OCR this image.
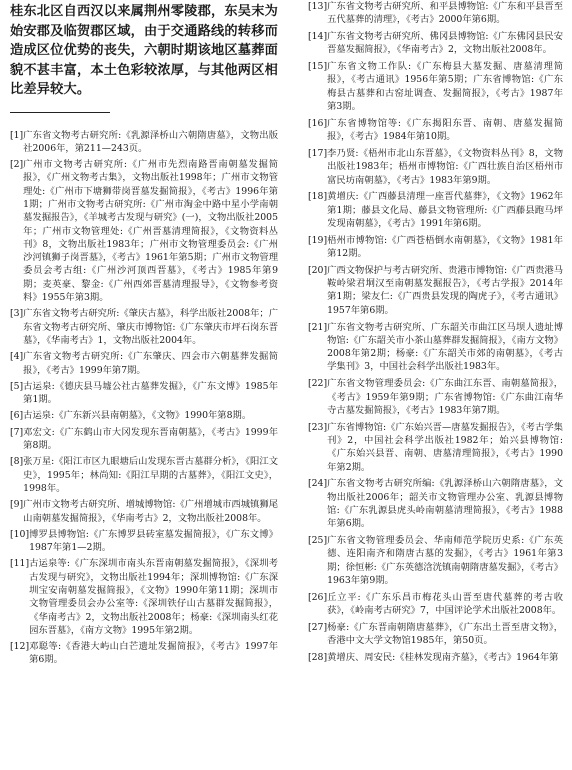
桂东北区自西汉以来属荆州零陵郡，东吴末为始安郡及临贺郡区域，由于交通路线的转移而造成区位优势的丧失，六朝时期该地区墓葬面貌不甚丰富，本土色彩较浓厚，与其他两区相比差异较大。

[1] 广东省文物考古研究所:《乳源泽桥山六朝隋唐墓》，文物出版社2006年，第211—243页。
[2] 广州市文物考古研究所:《广州市先烈南路晋南朝墓发掘简报》，《广州文物考古集》，文物出版社1998年；广州市文物管理处:《广州市下塘狮带岗晋墓发掘简报》，《考古》1996年第1期；广州市文物考古研究所:《广州市淘金中路中星小学南朝墓发掘报告》，《羊城考古发现与研究》(一)，文物出版社2005年；广州市文物管理处:《广州晋墓清理简报》，《文物资料丛刊》8，文物出版社1983年；广州市文物管理委员会:《广州沙河镇狮子岗晋墓》，《考古》1961年第5期；广州市文物管理委员会考古组:《广州沙河顶西晋墓》，《考古》1985年第9期；麦英豪、黎金:《广州西郊晋墓清理报导》，《文物参考资料》1955年第3期。
[3] 广东省文物考古研究所:《肇庆古墓》，科学出版社2008年；广东省文物考古研究所、肇庆市博物馆:《广东肇庆市坪石岗东晋墓》，《华南考古》1，文物出版社2004年。
[4] 广东省文物考古研究所:《广东肇庆、四会市六朝墓葬发掘简报》，《考古》1999年第7期。
[5] 古运泉:《德庆县马墟公社古墓葬发掘》，《广东文博》1985年第1期。
[6] 古运泉:《广东新兴县南朝墓》，《文物》1990年第8期。
[7] 邓宏文:《广东鹤山市大冈发现东晋南朝墓》，《考古》1999年第8期。
[8] 张万星:《阳江市区九眼塘后山发现东晋古墓群分析》，《阳江文史》，1995年；林尚知:《阳江早期的古墓葬》，《阳江文史》，1998年。
[9] 广州市文物考古研究所、增城博物馆:《广州增城市西城镇狮尾山南朝墓发掘简报》，《华南考古》2，文物出版社2008年。
[10] 博罗县博物馆:《广东博罗县砖室墓发掘简报》，《广东文博》1987年第1—2期。
[11] 古运泉等:《广东深圳市南头东晋南朝墓发掘简报》，《深圳考古发现与研究》，文物出版社1994年；深圳博物馆:《广东深圳宝安南朝墓发掘简报》，《文物》1990年第11期；深圳市文物管理委员会办公室等:《深圳铁仔山古墓群发掘简报》，《华南考古》2，文物出版社2008年；杨豪:《深圳南头红花园东晋墓》，《南方文物》1995年第2期。
[12] 邓聪等:《香港大屿山白芒遗址发掘简报》，《考古》1997年第6期。
[13] 广东省文物考古研究所、和平县博物馆:《广东和平县晋至五代墓葬的清理》，《考古》2000年第6期。
[14] 广东省文物考古研究所、佛冈县博物馆:《广东佛冈县民安晋墓发掘简报》，《华南考古》2，文物出版社2008年。
[15] 广东省文物工作队:《广东梅县大墓发掘、唐墓清理简报》，《考古通讯》1956年第5期；广东省博物馆:《广东梅县古墓葬和古窑址调查、发掘简报》，《考古》1987年第3期。
[16] 广东省博物馆等:《广东揭阳东晋、南朝、唐墓发掘简报》，《考古》1984年第10期。
[17] 李乃贤:《梧州市北山东晋墓》，《文物资料丛刊》8，文物出版社1983年；梧州市博物馆:《广西壮族自治区梧州市富民坊南朝墓》，《考古》1983年第9期。
[18] 黄增庆:《广西藤县清理一座晋代墓葬》，《文物》1962年第1期；藤县文化局、藤县文物管理所:《广西藤县跑马坪发现南朝墓》，《考古》1991年第6期。
[19] 梧州市博物馆:《广西苍梧倒水南朝墓》，《文物》1981年第12期。
[20] 广西文物保护与考古研究所、贵港市博物馆:《广西贵港马鞍岭梁君垌汉至南朝墓发掘报告》，《考古学报》2014年第1期；梁友仁:《广西贵县发现的陶虎子》，《考古通讯》1957年第6期。
[21] 广东省文物考古研究所、广东韶关市曲江区马坝人遗址博物馆:《广东韶关市小茶山墓葬群发掘简报》，《南方文物》2008年第2期；杨豪:《广东韶关市郊的南朝墓》，《考古学集刊》3，中国社会科学出版社1983年。
[22] 广东省文物管理委员会:《广东曲江东晋、南朝墓简报》，《考古》1959年第9期；广东省博物馆:《广东曲江南华寺古墓发掘简报》，《考古》1983年第7期。
[23] 广东省博物馆:《广东始兴晋—唐墓发掘报告》，《考古学集刊》2，中国社会科学出版社1982年；始兴县博物馆:《广东始兴县晋、南朝、唐墓清理简报》，《考古》1990年第2期。
[24] 广东省文物考古研究所编:《乳源泽桥山六朝隋唐墓》，文物出版社2006年；韶关市文物管理办公室、乳源县博物馆:《广东乳源县虎头岭南朝墓清理简报》，《考古》1988年第6期。
[25] 广东省文物管理委员会、华南师范学院历史系:《广东英德、连阳南齐和隋唐古墓的发掘》，《考古》1961年第3期；徐恒彬:《广东英德浛洸镇南朝隋唐墓发掘》，《考古》1963年第9期。
[26] 丘立平:《广东乐昌市梅花头山晋至唐代墓葬的考古收获》，《岭南考古研究》7，中国评论学术出版社2008年。
[27] 杨豪:《广东晋南朝隋唐墓葬》，《广东出土晋至唐文物》，香港中文大学文物馆1985年，第50页。
[28] 黄增庆、周安民:《桂林发现南齐墓》，《考古》1964年第
